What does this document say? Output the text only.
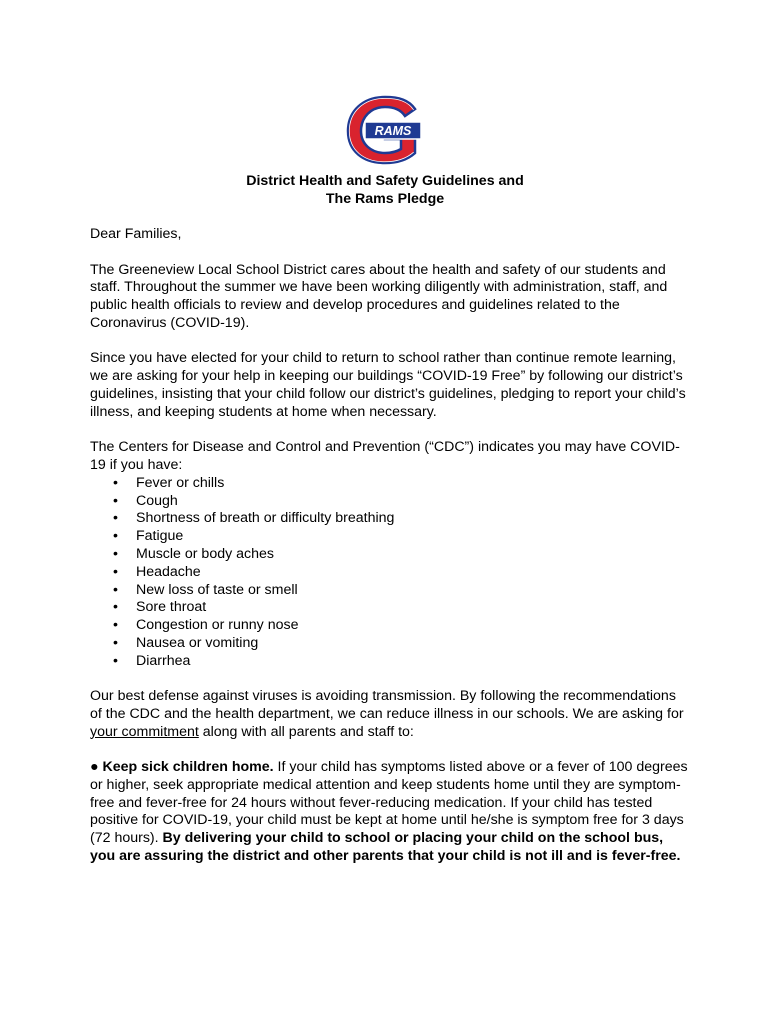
RAMS
District Health and Safety Guidelines and
The Rams Pledge

Dear Families,

The Greeneview Local School District cares about the health and safety of our students and staff. Throughout the summer we have been working diligently with administration, staff, and public health officials to review and develop procedures and guidelines related to the Coronavirus (COVID-19).

Since you have elected for your child to return to school rather than continue remote learning, we are asking for your help in keeping our buildings “COVID-19 Free” by following our district’s guidelines, insisting that your child follow our district’s guidelines, pledging to report your child’s illness, and keeping students at home when necessary.

The Centers for Disease and Control and Prevention (“CDC”) indicates you may have COVID-19 if you have:

• Fever or chills
• Cough
• Shortness of breath or difficulty breathing
• Fatigue
• Muscle or body aches
• Headache
• New loss of taste or smell
• Sore throat
• Congestion or runny nose
• Nausea or vomiting
• Diarrhea

Our best defense against viruses is avoiding transmission. By following the recommendations of the CDC and the health department, we can reduce illness in our schools. We are asking for your commitment along with all parents and staff to:

● Keep sick children home. If your child has symptoms listed above or a fever of 100 degrees or higher, seek appropriate medical attention and keep students home until they are symptom-free and fever-free for 24 hours without fever-reducing medication. If your child has tested positive for COVID-19, your child must be kept at home until he/she is symptom free for 3 days (72 hours). By delivering your child to school or placing your child on the school bus, you are assuring the district and other parents that your child is not ill and is fever-free.
